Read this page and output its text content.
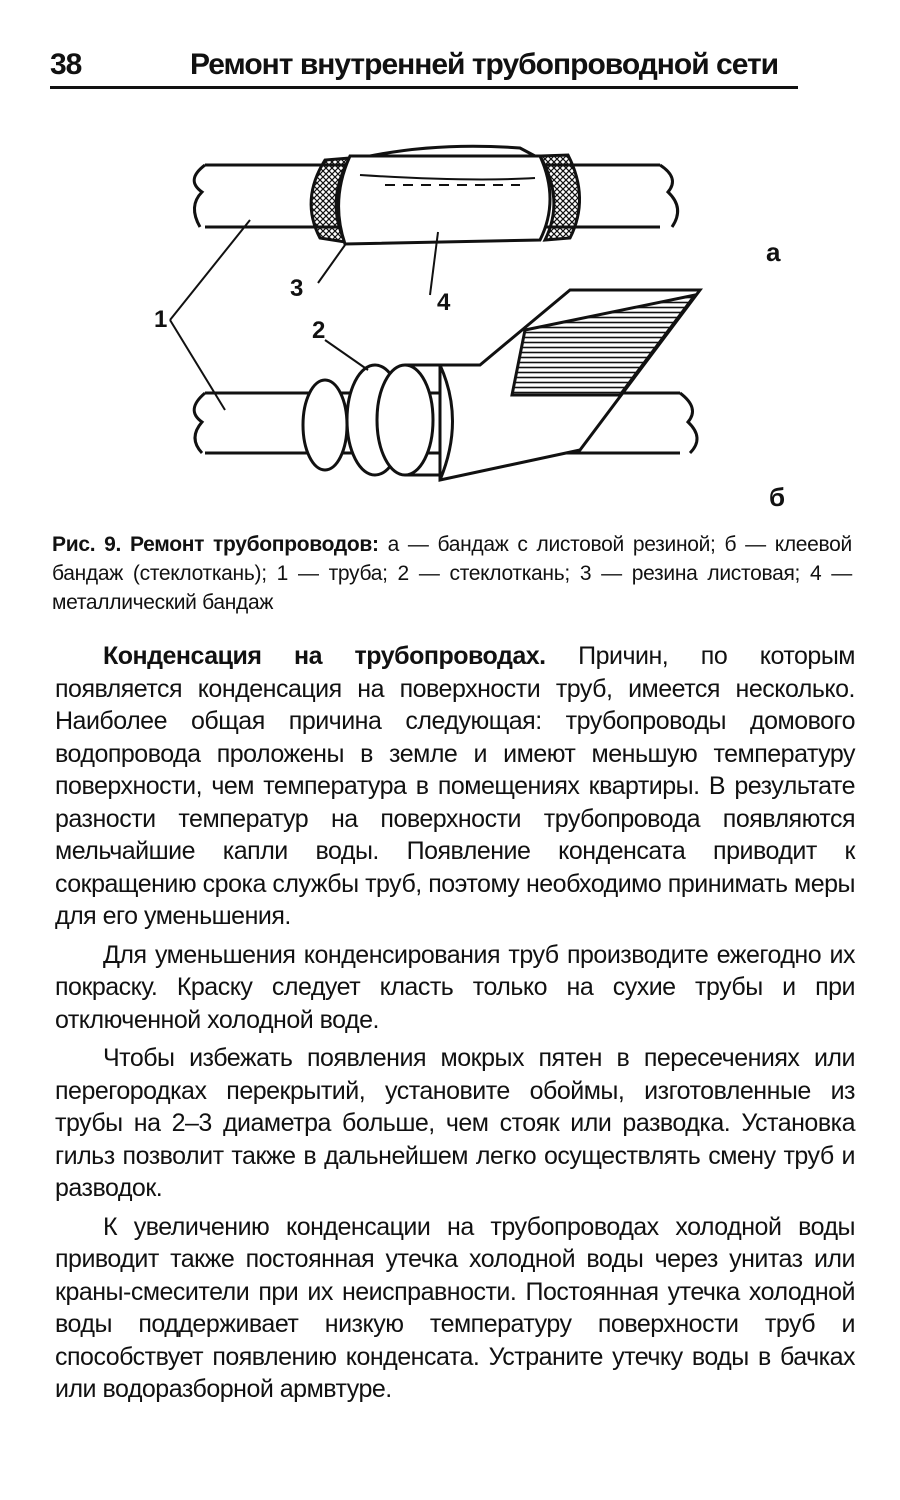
38	Ремонт внутренней трубопроводной сети
1	2
3
4
а
б
Рис. 9. Ремонт трубопроводов: а — бандаж с листовой резиной; б — клеевой бандаж (стеклоткань); 1 — труба; 2 — стеклоткань; 3 — резина листовая; 4 — металлический бандаж

Конденсация на трубопроводах. Причин, по которым появляется конденсация на поверхности труб, имеется несколько. Наиболее общая причина следующая: трубопроводы домового водопровода проложены в земле и имеют меньшую температуру поверхности, чем температура в помещениях квартиры. В результате разности температур на поверхности трубопровода появляются мельчайшие капли воды. Появление конденсата приводит к сокращению срока службы труб, поэтому необходимо принимать меры для его уменьшения.

Для уменьшения конденсирования труб производите ежегодно их покраску. Краску следует класть только на сухие трубы и при отключенной холодной воде.

Чтобы избежать появления мокрых пятен в пересечениях или перегородках перекрытий, установите обоймы, изготовленные из трубы на 2–3 диаметра больше, чем стояк или разводка. Установка гильз позволит также в дальнейшем легко осуществлять смену труб и разводок.

К увеличению конденсации на трубопроводах холодной воды приводит также постоянная утечка холодной воды через унитаз или краны-смесители при их неисправности. Постоянная утечка холодной воды поддерживает низкую температуру поверхности труб и способствует появлению конденсата. Устраните утечку воды в бачках или водоразборной армвтуре.
